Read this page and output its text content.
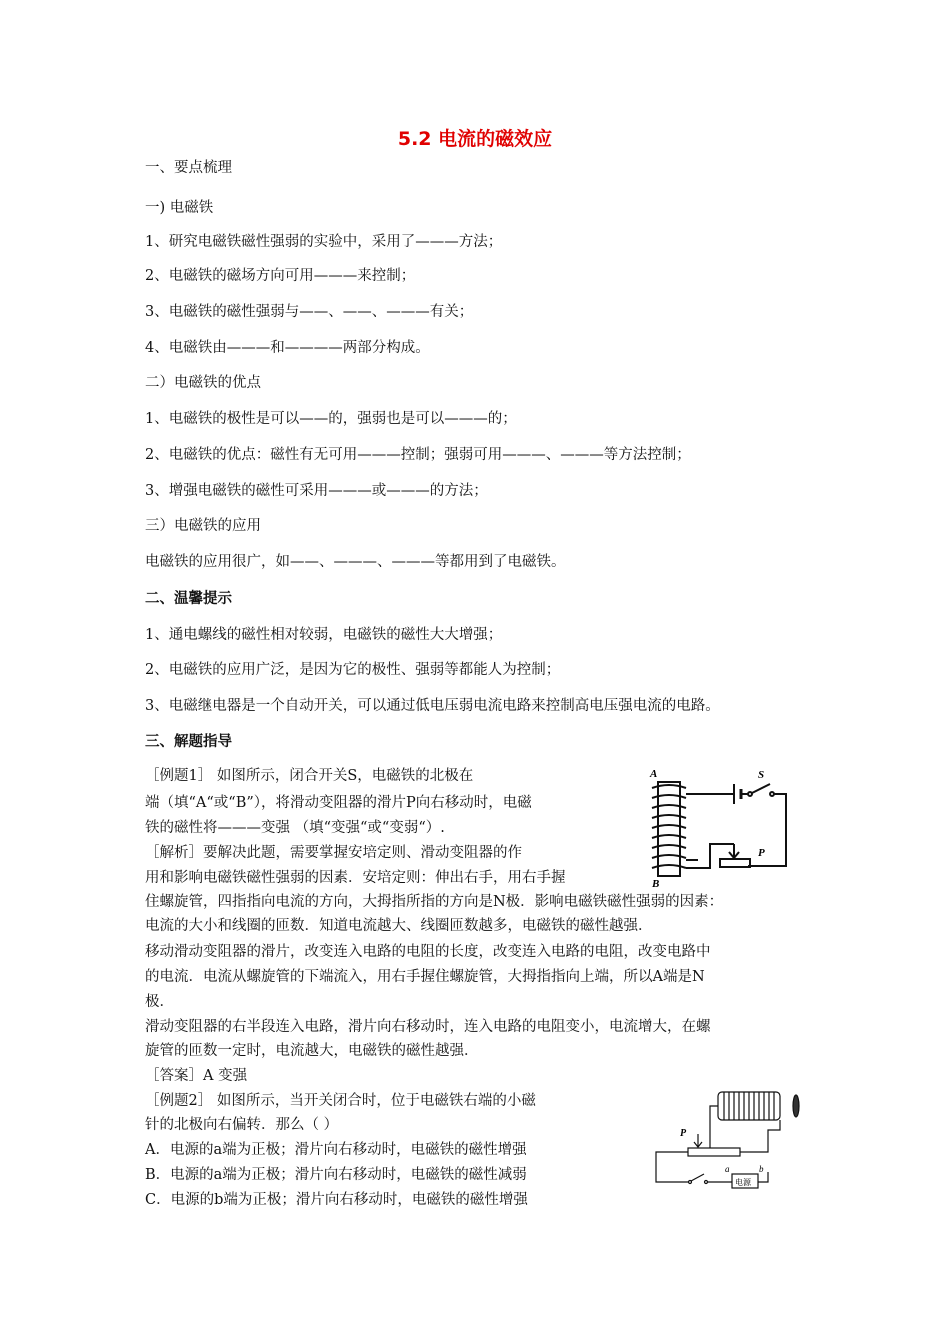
5.2 电流的磁效应
一、要点梳理
一) 电磁铁
1、研究电磁铁磁性强弱的实验中，采用了———方法；
2、电磁铁的磁场方向可用———来控制；
3、电磁铁的磁性强弱与——、——、———有关；
4、电磁铁由———和————两部分构成。
二）电磁铁的优点
1、电磁铁的极性是可以——的，强弱也是可以———的；
2、电磁铁的优点：磁性有无可用———控制；强弱可用———、———等方法控制；
3、增强电磁铁的磁性可采用———或———的方法；
三）电磁铁的应用
电磁铁的应用很广，如——、———、———等都用到了电磁铁。
二、温馨提示
1、通电螺线的磁性相对较弱，电磁铁的磁性大大增强；
2、电磁铁的应用广泛，是因为它的极性、强弱等都能人为控制；
3、电磁继电器是一个自动开关，可以通过低电压弱电流电路来控制高电压强电流的电路。
三、解题指导
［例题1］ 如图所示，闭合开关S，电磁铁的北极在
端（填“A“或“B”），将滑动变阻器的滑片P向右移动时，电磁
铁的磁性将———变强 （填“变强“或“变弱“）.
［解析］要解决此题，需要掌握安培定则、滑动变阻器的作
用和影响电磁铁磁性强弱的因素．安培定则：伸出右手，用右手握
住螺旋管，四指指向电流的方向，大拇指所指的方向是N极．影响电磁铁磁性强弱的因素：
电流的大小和线圈的匝数．知道电流越大、线圈匝数越多，电磁铁的磁性越强．
移动滑动变阻器的滑片，改变连入电路的电阻的长度，改变连入电路的电阻，改变电路中
的电流．电流从螺旋管的下端流入，用右手握住螺旋管，大拇指指向上端，所以A端是N
极．
滑动变阻器的右半段连入电路，滑片向右移动时，连入电路的电阻变小，电流增大，在螺
旋管的匝数一定时，电流越大，电磁铁的磁性越强．
［答案］A 变强
［例题2］ 如图所示，当开关闭合时，位于电磁铁右端的小磁
针的北极向右偏转．那么（ ）
A．电源的a端为正极；滑片向右移动时，电磁铁的磁性增强
B．电源的a端为正极；滑片向右移动时，电磁铁的磁性减弱
C．电源的b端为正极；滑片向右移动时，电磁铁的磁性增强
A
B
S
P
P
a	b
电源
